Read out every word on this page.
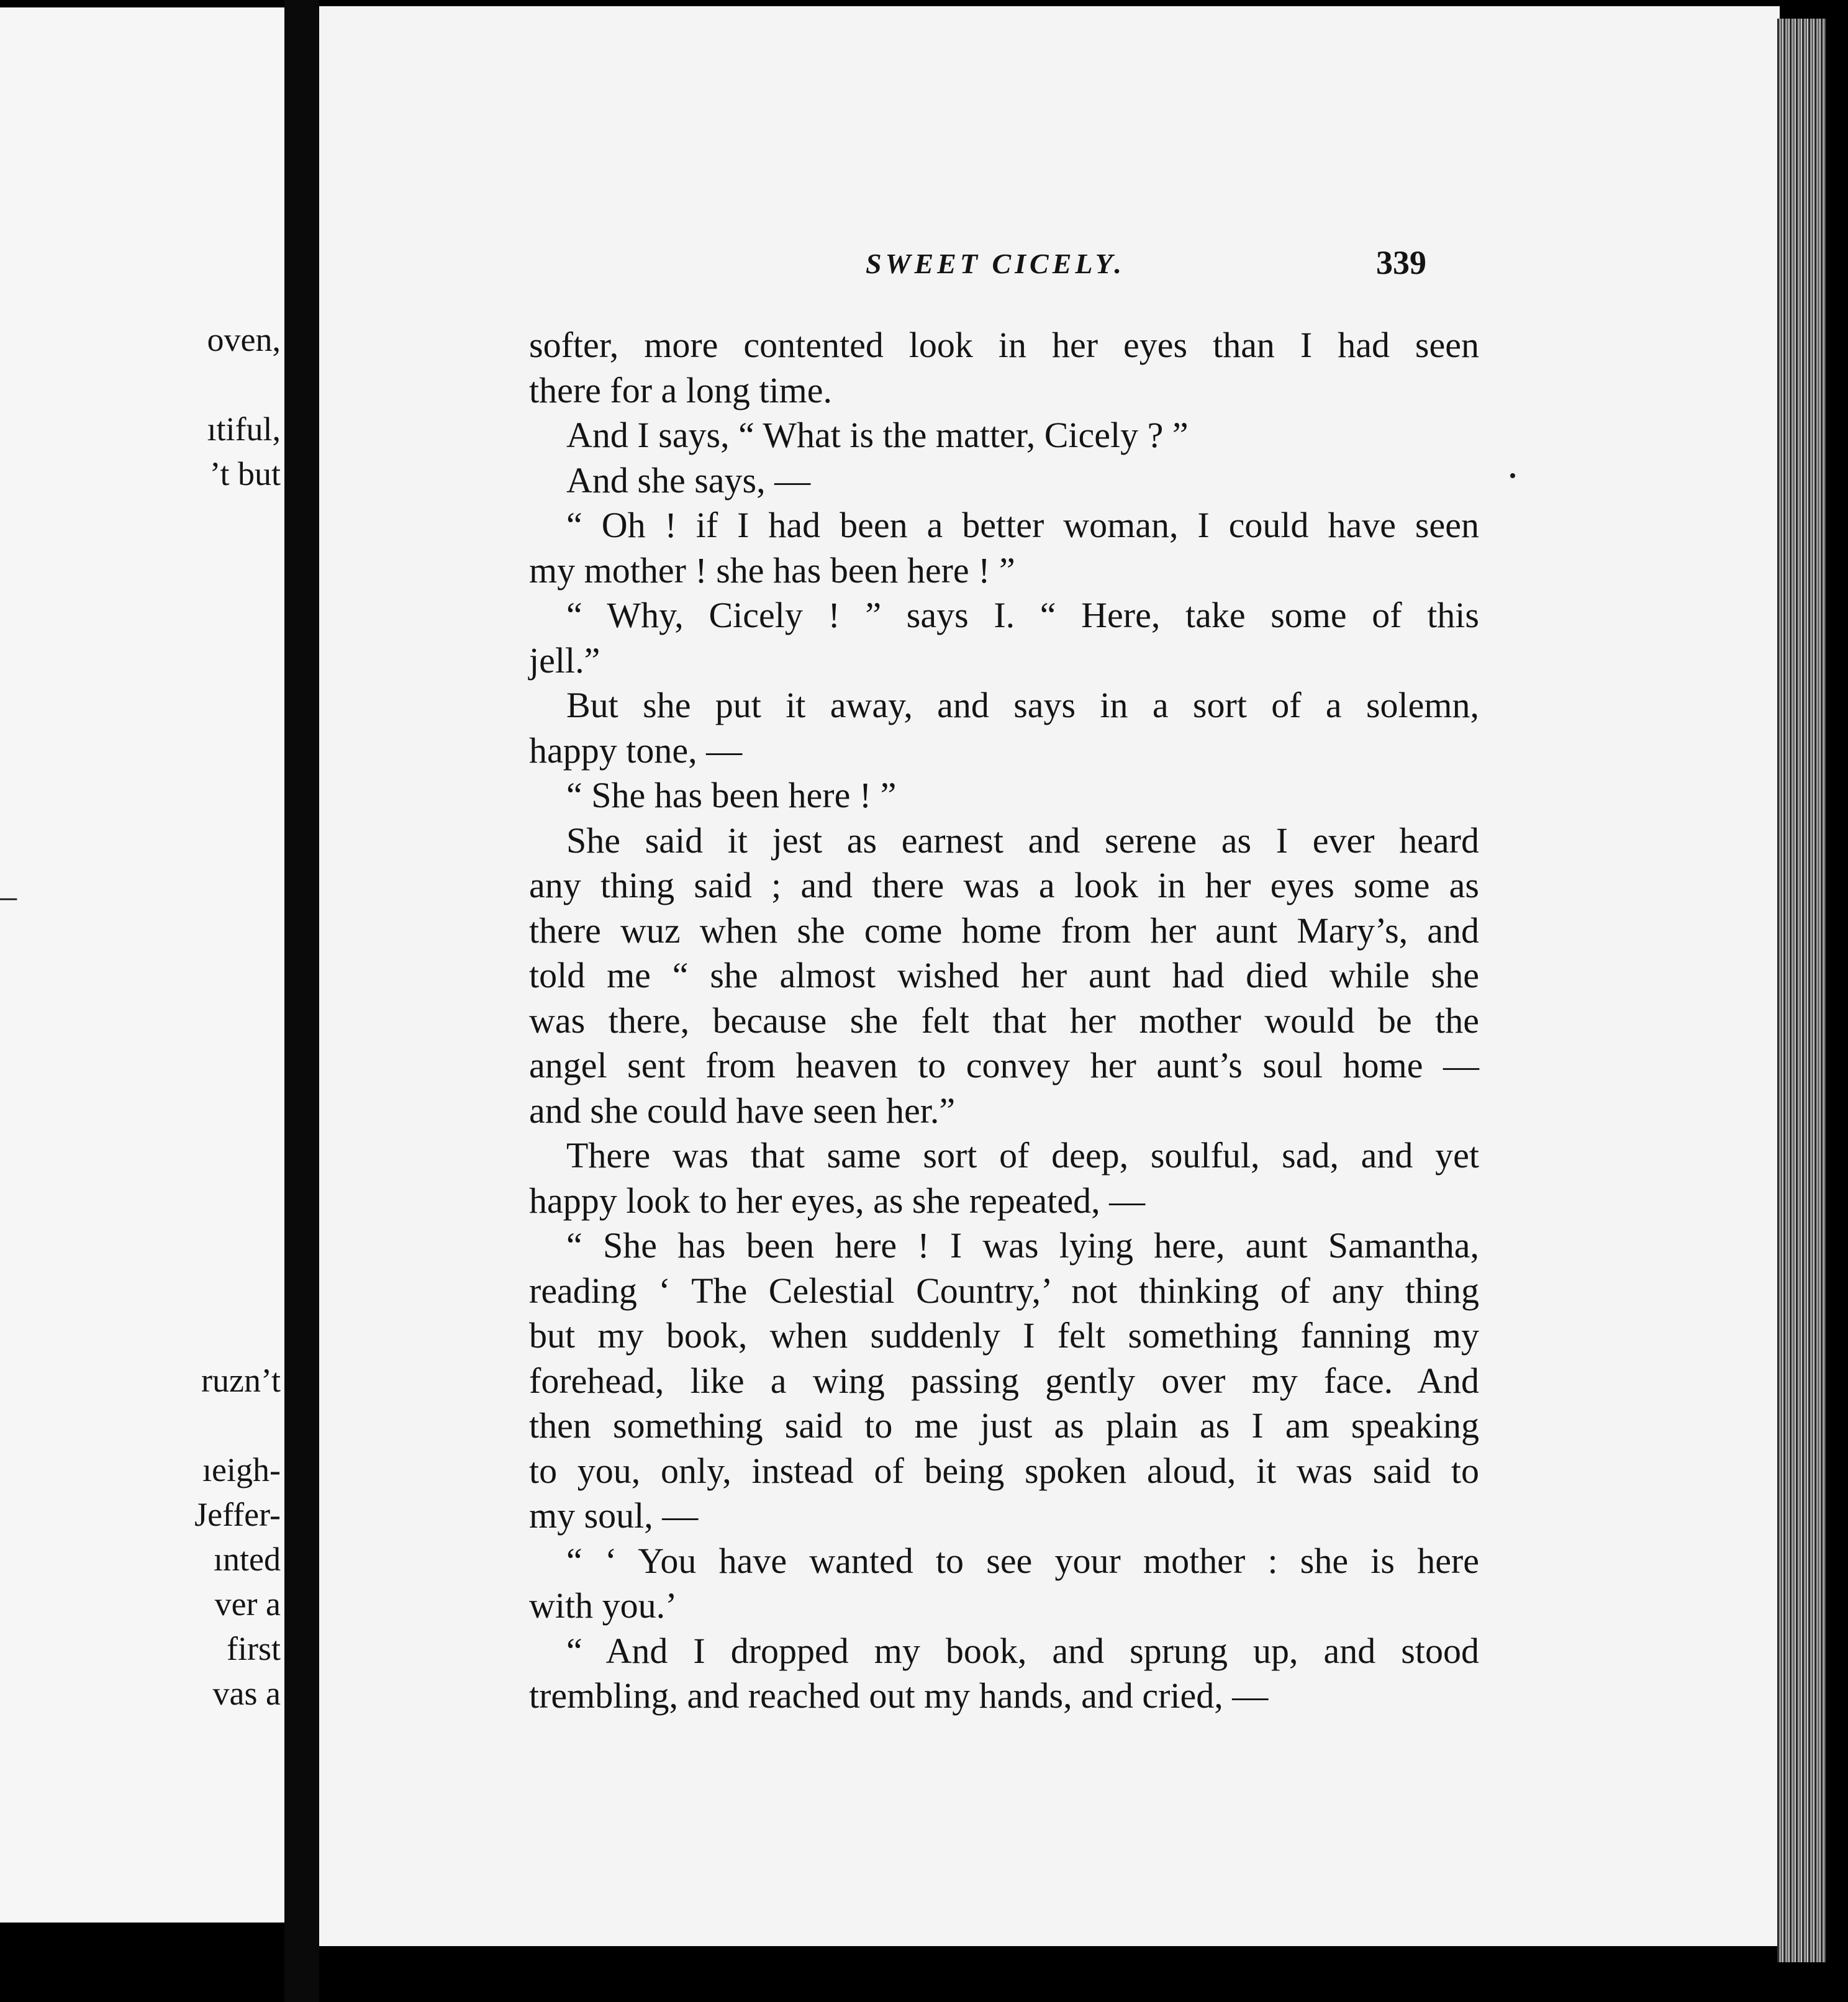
oven,
ıtiful,
’t but
–
ruzn’t
ıeigh-
Jeffer-
ınted
ver a
first
vas a
SWEET CICELY.	339
softer, more contented look in her eyes than I had seen
there for a long time.
And I says, “ What is the matter, Cicely ? ”
And she says, —
“ Oh ! if I had been a better woman, I could have seen
my mother ! she has been here ! ”
“ Why, Cicely ! ” says I. “ Here, take some of this
jell.”
But she put it away, and says in a sort of a solemn,
happy tone, —
“ She has been here ! ”
She said it jest as earnest and serene as I ever heard
any thing said ; and there was a look in her eyes some as
there wuz when she come home from her aunt Mary’s, and
told me “ she almost wished her aunt had died while she
was there, because she felt that her mother would be the
angel sent from heaven to convey her aunt’s soul home —
and she could have seen her.”
There was that same sort of deep, soulful, sad, and yet
happy look to her eyes, as she repeated, —
“ She has been here ! I was lying here, aunt Samantha,
reading ‘ The Celestial Country,’ not thinking of any thing
but my book, when suddenly I felt something fanning my
forehead, like a wing passing gently over my face. And
then something said to me just as plain as I am speaking
to you, only, instead of being spoken aloud, it was said to
my soul, —
“ ‘ You have wanted to see your mother : she is here
with you.’
“ And I dropped my book, and sprung up, and stood
trembling, and reached out my hands, and cried, —
